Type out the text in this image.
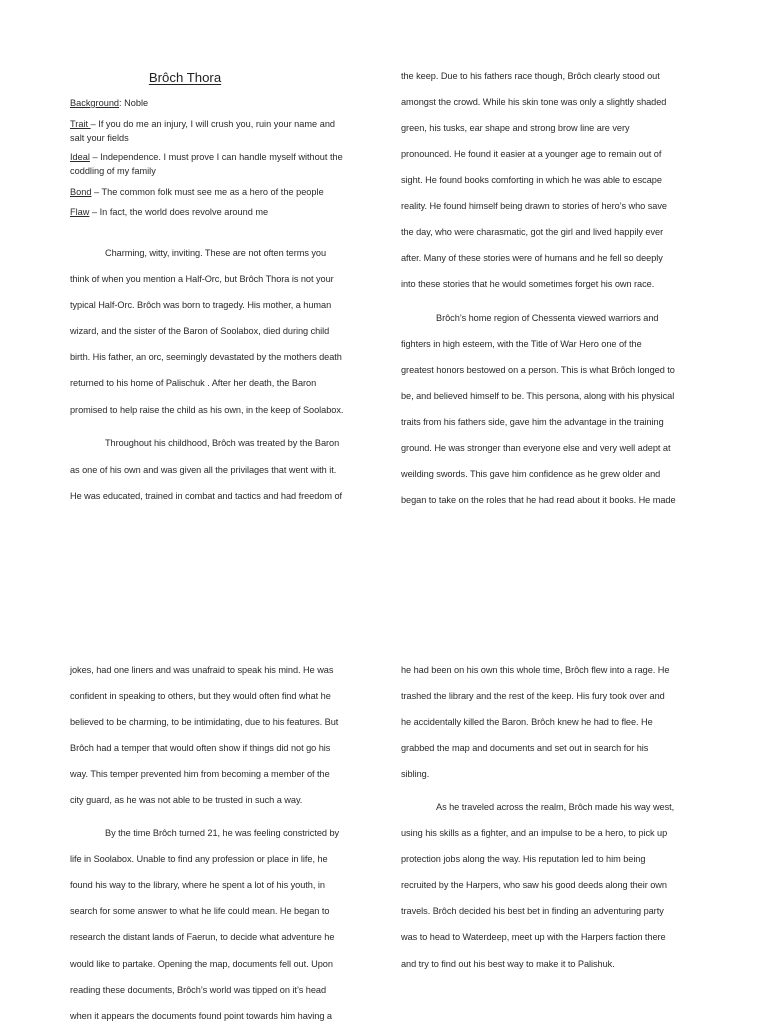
Brôch Thora
Background: Noble
Trait – If you do me an injury, I will crush you, ruin your name and
salt your fields
Ideal – Independence. I must prove I can handle myself without the
coddling of my family
Bond – The common folk must see me as a hero of the people
Flaw – In fact, the world does revolve around me
Charming, witty, inviting. These are not often terms you
think of when you mention a Half-Orc, but Brôch Thora is not your
typical Half-Orc. Brôch was born to tragedy. His mother, a human
wizard, and the sister of the Baron of Soolabox, died during child
birth. His father, an orc, seemingly devastated by the mothers death
returned to his home of Palischuk . After her death, the Baron
promised to help raise the child as his own, in the keep of Soolabox.
Throughout his childhood, Brôch was treated by the Baron
as one of his own and was given all the privilages that went with it.
He was educated, trained in combat and tactics and had freedom of
the keep. Due to his fathers race though, Brôch clearly stood out
amongst the crowd. While his skin tone was only a slightly shaded
green, his tusks, ear shape and strong brow line are very
pronounced. He found it easier at a younger age to remain out of
sight. He found books comforting in which he was able to escape
reality. He found himself being drawn to stories of hero’s who save
the day, who were charasmatic, got the girl and lived happily ever
after. Many of these stories were of humans and he fell so deeply
into these stories that he would sometimes forget his own race.
Brôch’s home region of Chessenta viewed warriors and
fighters in high esteem, with the Title of War Hero one of the
greatest honors bestowed on a person. This is what Brôch longed to
be, and believed himself to be. This persona, along with his physical
traits from his fathers side, gave him the advantage in the training
ground. He was stronger than everyone else and very well adept at
weilding swords. This gave him confidence as he grew older and
began to take on the roles that he had read about it books. He made
jokes, had one liners and was unafraid to speak his mind. He was
confident in speaking to others, but they would often find what he
believed to be charming, to be intimidating, due to his features. But
Brôch had a temper that would often show if things did not go his
way. This temper prevented him from becoming a member of the
city guard, as he was not able to be trusted in such a way.
By the time Brôch turned 21, he was feeling constricted by
life in Soolabox. Unable to find any profession or place in life, he
found his way to the library, where he spent a lot of his youth, in
search for some answer to what he life could mean. He began to
research the distant lands of Faerun, to decide what adventure he
would like to partake. Opening the map, documents fell out. Upon
reading these documents, Brôch’s world was tipped on it’s head
when it appears the documents found point towards him having a
he had been on his own this whole time, Brôch flew into a rage. He
trashed the library and the rest of the keep. His fury took over and
he accidentally killed the Baron. Brôch knew he had to flee. He
grabbed the map and documents and set out in search for his
sibling.
As he traveled across the realm, Brôch made his way west,
using his skills as a fighter, and an impulse to be a hero, to pick up
protection jobs along the way. His reputation led to him being
recruited by the Harpers, who saw his good deeds along their own
travels. Brôch decided his best bet in finding an adventuring party
was to head to Waterdeep, meet up with the Harpers faction there
and try to find out his best way to make it to Palishuk.
